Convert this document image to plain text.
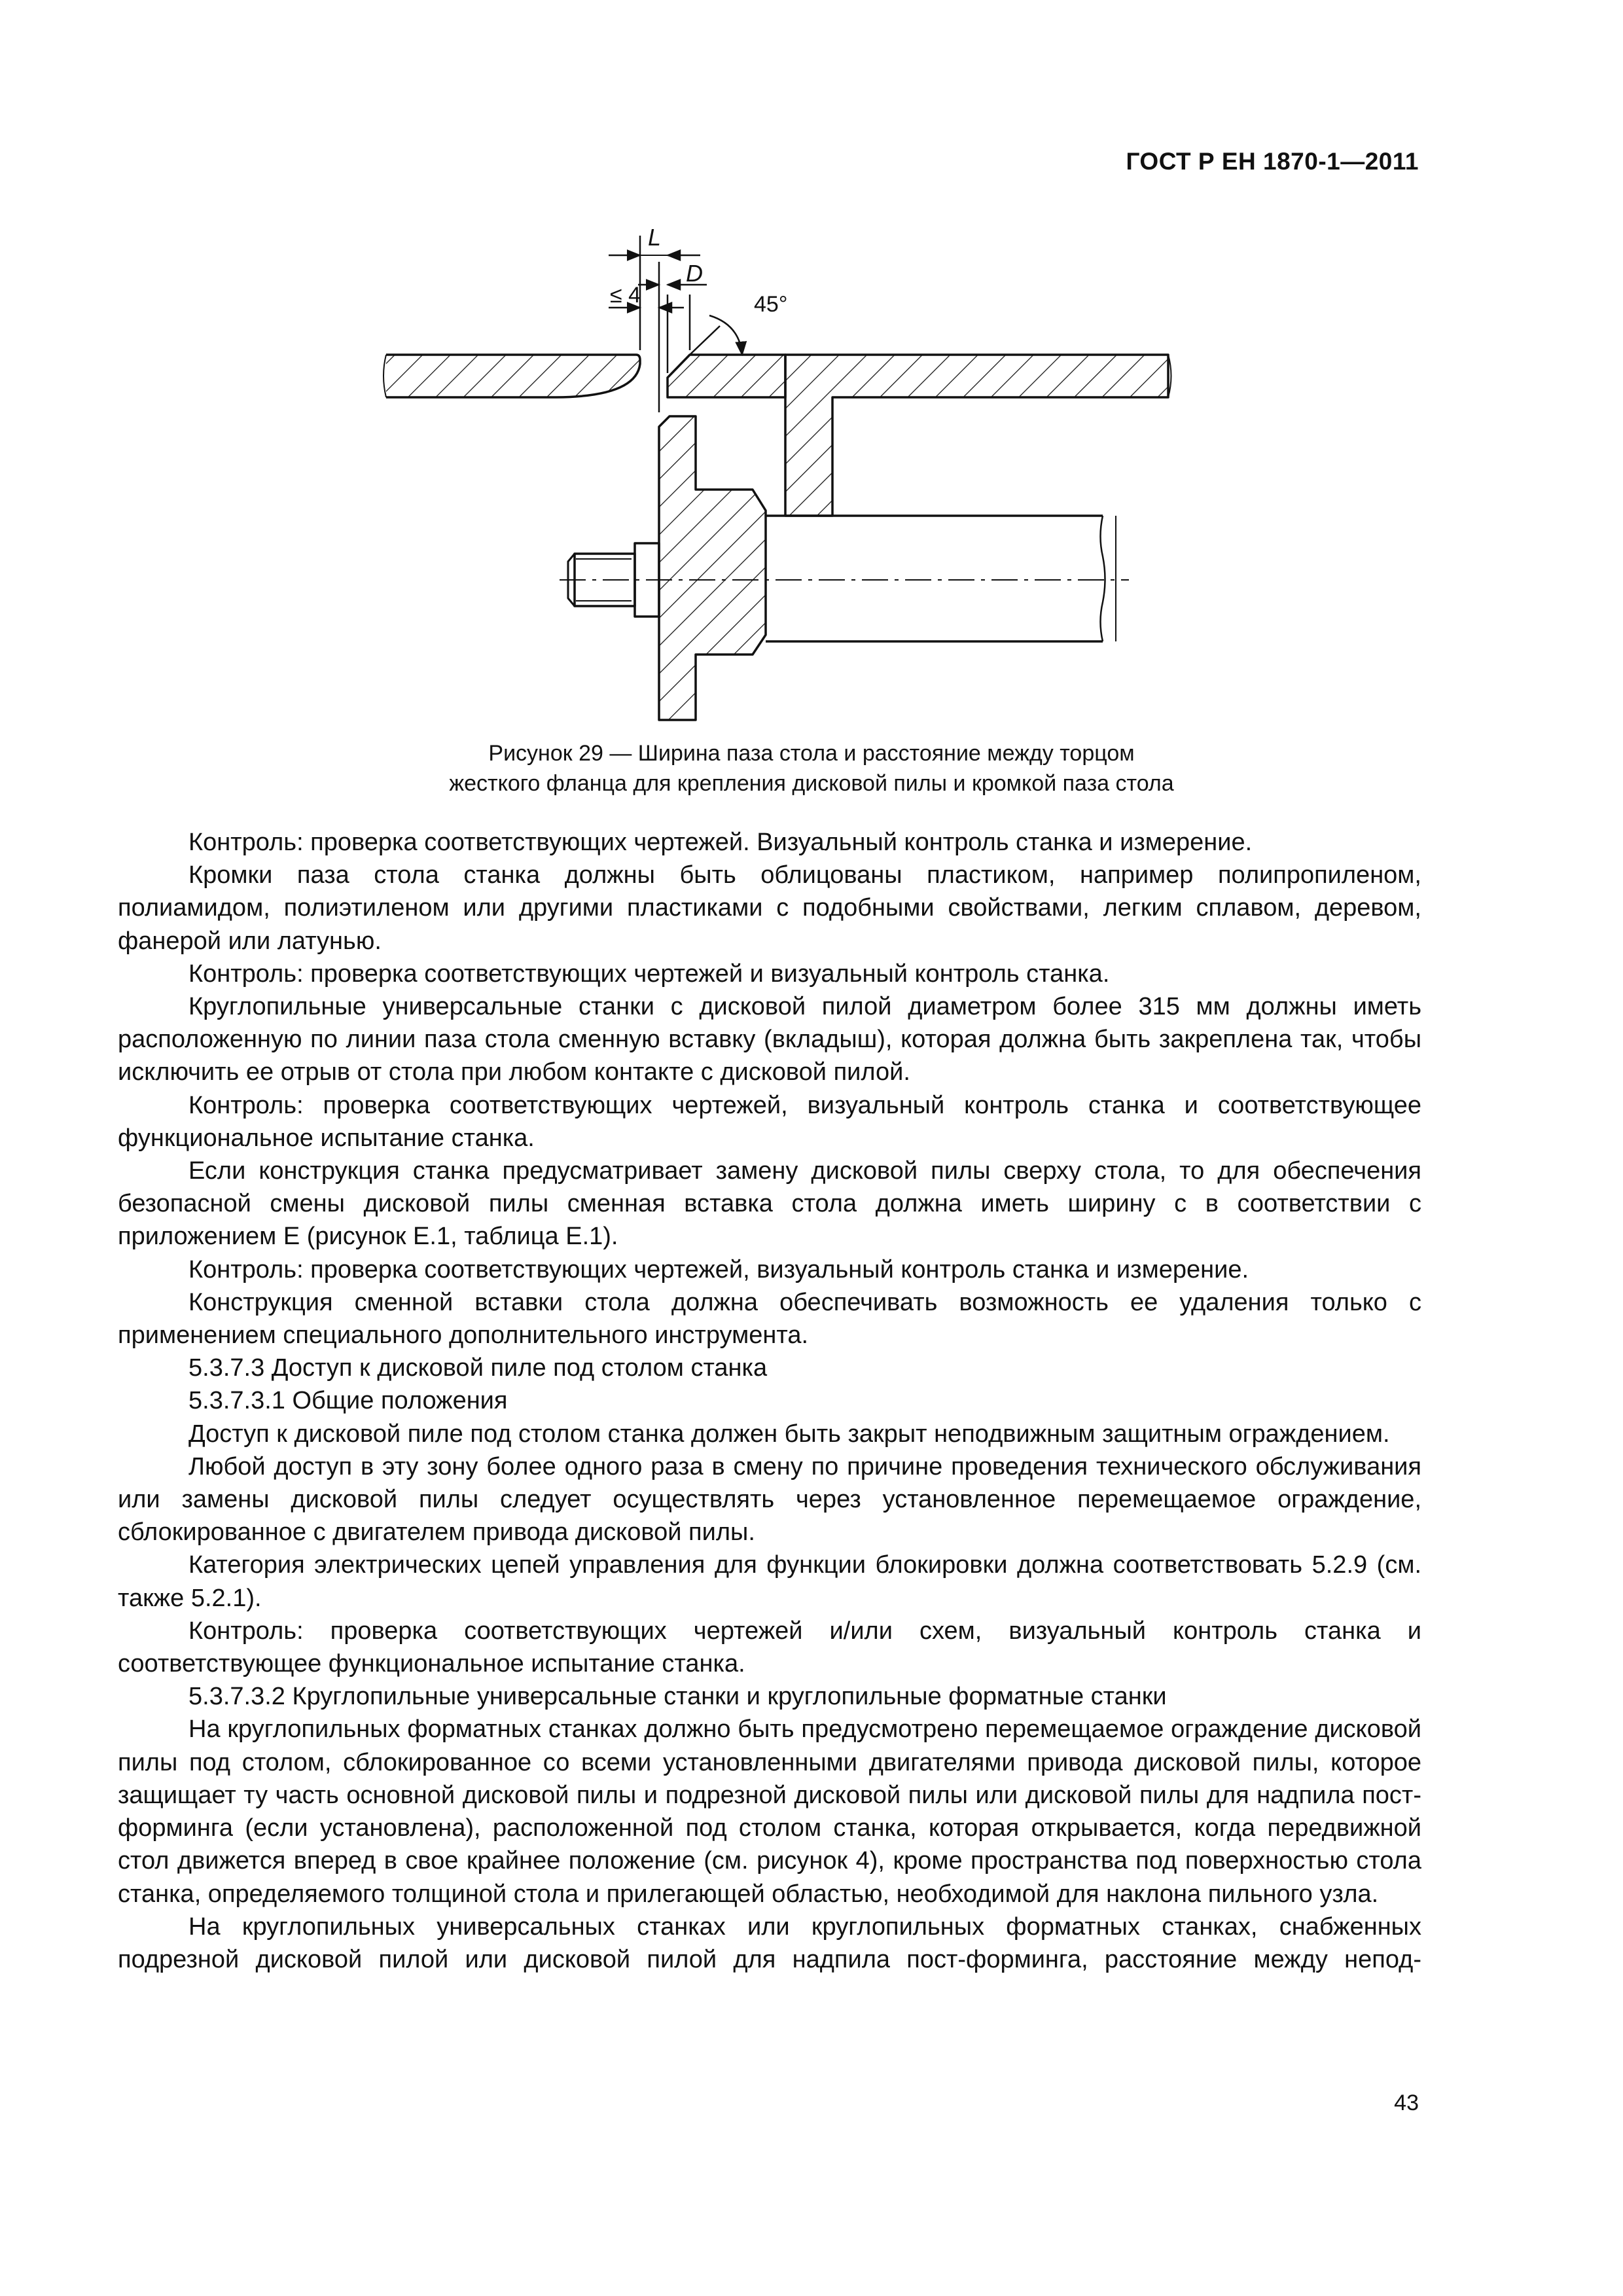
ГОСТ Р ЕН 1870-1—2011
L
D
≤ 4	45°
Рисунок 29 — Ширина паза стола и расстояние между торцом
жесткого фланца для крепления дисковой пилы и кромкой паза стола

Контроль: проверка соответствующих чертежей. Визуальный контроль станка и измерение.

Кромки паза стола станка должны быть облицованы пластиком, например полипропиленом, полиамидом, полиэтиленом или другими пластиками с подобными свойствами, легким сплавом, деревом, фанерой или латунью.

Контроль: проверка соответствующих чертежей и визуальный контроль станка.

Круглопильные универсальные станки с дисковой пилой диаметром более 315 мм должны иметь расположенную по линии паза стола сменную вставку (вкладыш), которая должна быть закреплена так, чтобы исключить ее отрыв от стола при любом контакте с дисковой пилой.

Контроль: проверка соответствующих чертежей, визуальный контроль станка и соответствующее функциональное испытание станка.

Если конструкция станка предусматривает замену дисковой пилы сверху стола, то для обеспечения безопасной смены дисковой пилы сменная вставка стола должна иметь ширину с в соответствии с приложением Е (рисунок Е.1, таблица Е.1).

Контроль: проверка соответствующих чертежей, визуальный контроль станка и измерение.

Конструкция сменной вставки стола должна обеспечивать возможность ее удаления только с применением специального дополнительного инструмента.

5.3.7.3 Доступ к дисковой пиле под столом станка

5.3.7.3.1 Общие положения

Доступ к дисковой пиле под столом станка должен быть закрыт неподвижным защитным ограждением.

Любой доступ в эту зону более одного раза в смену по причине проведения технического обслуживания или замены дисковой пилы следует осуществлять через установленное перемещаемое ограждение, сблокированное с двигателем привода дисковой пилы.

Категория электрических цепей управления для функции блокировки должна соответствовать 5.2.9 (см. также 5.2.1).

Контроль: проверка соответствующих чертежей и/или схем, визуальный контроль станка и соответствующее функциональное испытание станка.

5.3.7.3.2 Круглопильные универсальные станки и круглопильные форматные станки

На круглопильных форматных станках должно быть предусмотрено перемещаемое ограждение дисковой пилы под столом, сблокированное со всеми установленными двигателями привода дисковой пилы, которое защищает ту часть основной дисковой пилы и подрезной дисковой пилы или дисковой пилы для надпила пост-форминга (если установлена), расположенной под столом станка, которая открывается, когда передвижной стол движется вперед в свое крайнее положение (см. рисунок 4), кроме пространства под поверхностью стола станка, определяемого толщиной стола и прилегающей областью, необходимой для наклона пильного узла.

На круглопильных универсальных станках или круглопильных форматных станках, снабженных подрезной дисковой пилой или дисковой пилой для надпила пост-форминга, расстояние между непод-

43
